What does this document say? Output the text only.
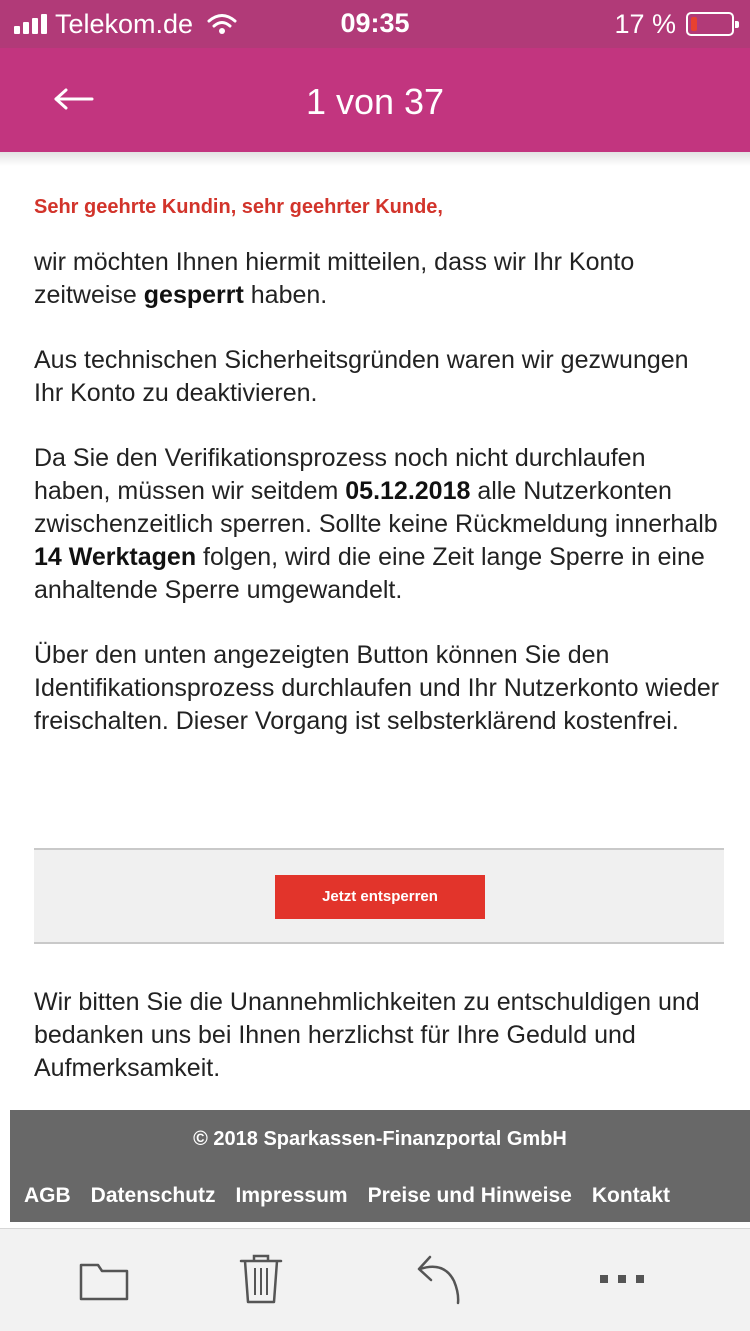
Telekom.de	09:35	17 %
1 von 37
Sehr geehrte Kundin, sehr geehrter Kunde,

wir möchten Ihnen hiermit mitteilen, dass wir Ihr Konto zeitweise gesperrt haben.

Aus technischen Sicherheitsgründen waren wir gezwungen Ihr Konto zu deaktivieren.

Da Sie den Verifikationsprozess noch nicht durchlaufen haben, müssen wir seitdem 05.12.2018 alle Nutzerkonten zwischenzeitlich sperren. Sollte keine Rückmeldung innerhalb 14 Werktagen folgen, wird die eine Zeit lange Sperre in eine anhaltende Sperre umgewandelt.

Über den unten angezeigten Button können Sie den Identifikationsprozess durchlaufen und Ihr Nutzerkonto wieder freischalten. Dieser Vorgang ist selbsterklärend kostenfrei.

Jetzt entsperren

Wir bitten Sie die Unannehmlichkeiten zu entschuldigen und bedanken uns bei Ihnen herzlichst für Ihre Geduld und Aufmerksamkeit.

© 2018 Sparkassen-Finanzportal GmbH
AGB Datenschutz Impressum Preise und Hinweise Kontakt
